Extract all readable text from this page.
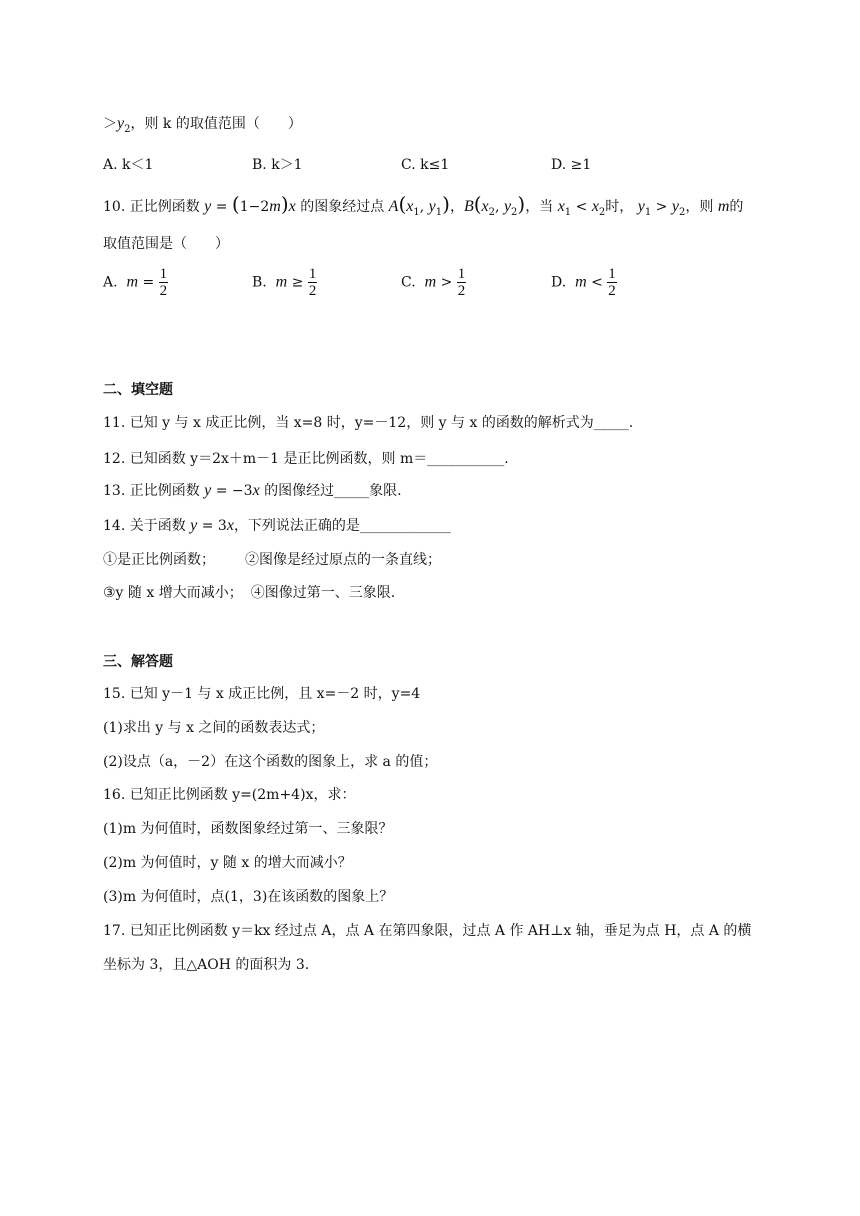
$>y_2$，则 k 的取值范围（　　）
A. k＜1	B. k＞1	C. k≤1	D. ≥1
10. 正比例函数 y = (1−2m)x 的图象经过点 $A(x_1$, $y_1$)，$B(x_2$, $y_2$)，当 $x_1 < x_2$时， $y_1 > y_2$，则 m的
取值范围是（　　）
A. $m = \frac{1}{2}$	B. $m \ge \frac{1}{2}$	C. $m > \frac{1}{2}$	D. $m < \frac{1}{2}$
二、填空题
11. 已知 y 与 x 成正比例，当 x=8 时，y=－12，则 y 与 x 的函数的解析式为_____.
12. 已知函数 y＝2x＋m－1 是正比例函数，则 m＝___________.
13. 正比例函数 y = −3x 的图像经过_____象限.
14. 关于函数 y = 3x，下列说法正确的是_____________
①是正比例函数； ②图像是经过原点的一条直线；
③y 随 x 增大而减小； ④图像过第一、三象限.
三、解答题
15. 已知 y－1 与 x 成正比例，且 x=－2 时，y=4
(1)求出 y 与 x 之间的函数表达式；
(2)设点（a，－2）在这个函数的图象上，求 a 的值；
16. 已知正比例函数 y=(2m+4)x，求：
(1)m 为何值时，函数图象经过第一、三象限？
(2)m 为何值时，y 随 x 的增大而减小？
(3)m 为何值时，点(1，3)在该函数的图象上？
17. 已知正比例函数 y＝kx 经过点 A，点 A 在第四象限，过点 A 作 AH⊥x 轴，垂足为点 H，点 A 的横
坐标为 3，且△AOH 的面积为 3.
